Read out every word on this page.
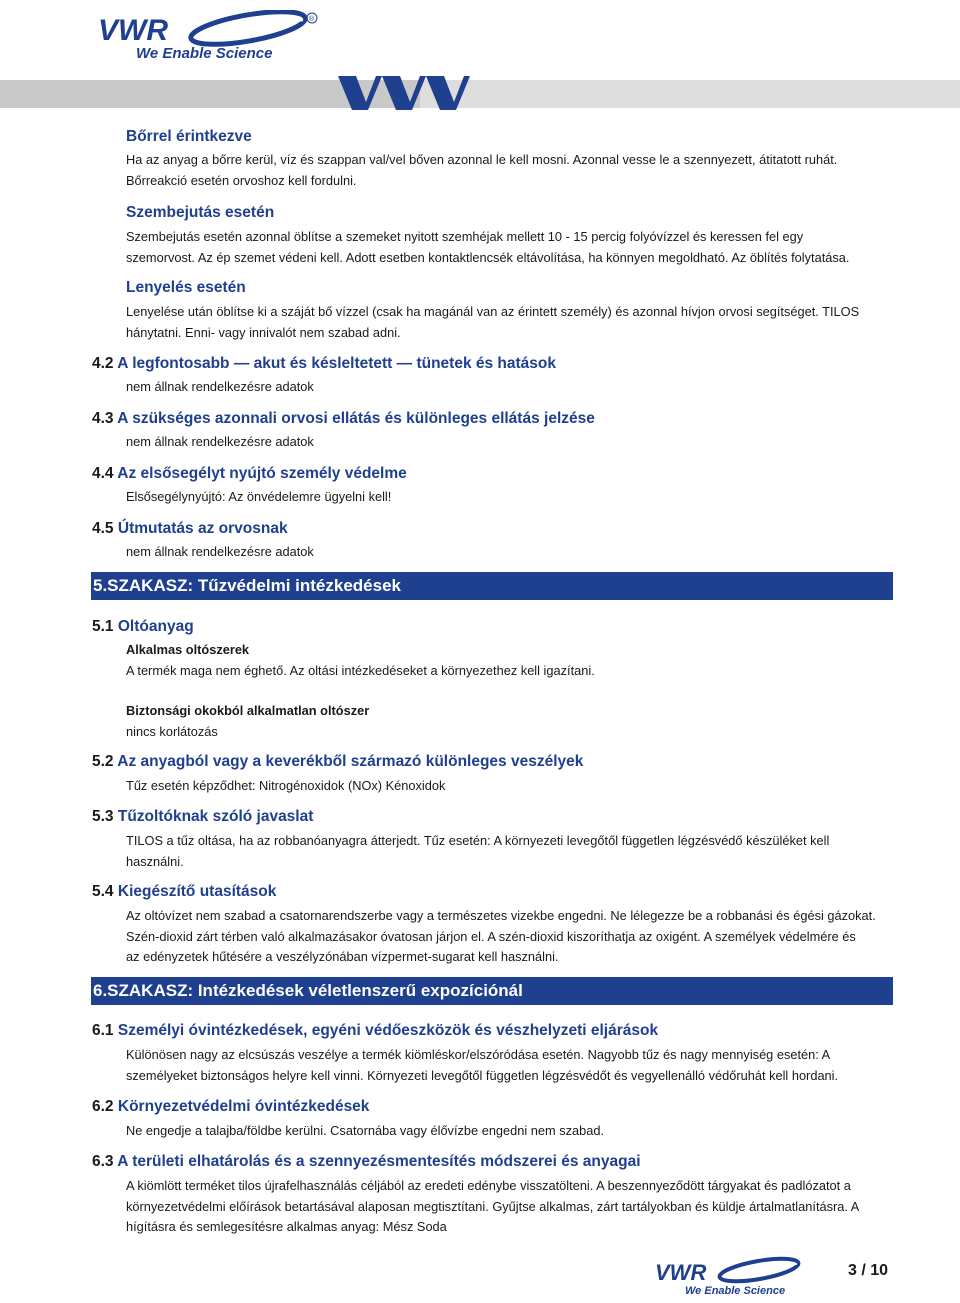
VWR	®
We Enable Science
Bőrrel érintkezve

Ha az anyag a bőrre kerül, víz és szappan val/vel bőven azonnal le kell mosni. Azonnal vesse le a szennyezett, átitatott ruhát.

Bőrreakció esetén orvoshoz kell fordulni.

Szembejutás esetén

Szembejutás esetén azonnal öblítse a szemeket nyitott szemhéjak mellett 10 - 15 percig folyóvízzel és keressen fel egy

szemorvost. Az ép szemet védeni kell. Adott esetben kontaktlencsék eltávolítása, ha könnyen megoldható. Az öblítés folytatása.

Lenyelés esetén

Lenyelése után öblítse ki a száját bő vízzel (csak ha magánál van az érintett személy) és azonnal hívjon orvosi segítséget. TILOS

hánytatni. Enni- vagy innivalót nem szabad adni.

4.2 A legfontosabb — akut és késleltetett — tünetek és hatások
nem állnak rendelkezésre adatok
4.3 A szükséges azonnali orvosi ellátás és különleges ellátás jelzése
nem állnak rendelkezésre adatok
4.4 Az elsősegélyt nyújtó személy védelme
Elsősegélynyújtó: Az önvédelemre ügyelni kell!
4.5 Útmutatás az orvosnak
nem állnak rendelkezésre adatok
5.SZAKASZ: Tűzvédelmi intézkedések
5.1 Oltóanyag
Alkalmas oltószerek
A termék maga nem éghető. Az oltási intézkedéseket a környezethez kell igazítani.
Biztonsági okokból alkalmatlan oltószer
nincs korlátozás
5.2 Az anyagból vagy a keverékből származó különleges veszélyek
Tűz esetén képződhet: Nitrogénoxidok (NOx) Kénoxidok
5.3 Tűzoltóknak szóló javaslat

TILOS a tűz oltása, ha az robbanóanyagra átterjedt. Tűz esetén: A környezeti levegőtől független légzésvédő készüléket kell

használni.

5.4 Kiegészítő utasítások

Az oltóvízet nem szabad a csatornarendszerbe vagy a természetes vizekbe engedni. Ne lélegezze be a robbanási és égési gázokat.

Szén-dioxid zárt térben való alkalmazásakor óvatosan járjon el. A szén-dioxid kiszoríthatja az oxigént. A személyek védelmére és

az edényzetek hűtésére a veszélyzónában vízpermet-sugarat kell használni.

6.SZAKASZ: Intézkedések véletlenszerű expozíciónál
6.1 Személyi óvintézkedések, egyéni védőeszközök és vészhelyzeti eljárások

Különösen nagy az elcsúszás veszélye a termék kiömléskor/elszóródása esetén. Nagyobb tűz és nagy mennyiség esetén: A

személyeket biztonságos helyre kell vinni. Környezeti levegőtől független légzésvédőt és vegyellenálló védőruhát kell hordani.

6.2 Környezetvédelmi óvintézkedések
Ne engedje a talajba/földbe kerülni. Csatornába vagy élővízbe engedni nem szabad.
6.3 A területi elhatárolás és a szennyezésmentesítés módszerei és anyagai

A kiömlött terméket tilos újrafelhasználás céljából az eredeti edénybe visszatölteni. A beszennyeződött tárgyakat és padlózatot a

környezetvédelmi előírások betartásával alaposan megtisztítani. Gyűjtse alkalmas, zárt tartályokban és küldje ártalmatlanításra. A

hígításra és semlegesítésre alkalmas anyag: Mész Soda

VWR
We Enable Science
3 / 10
